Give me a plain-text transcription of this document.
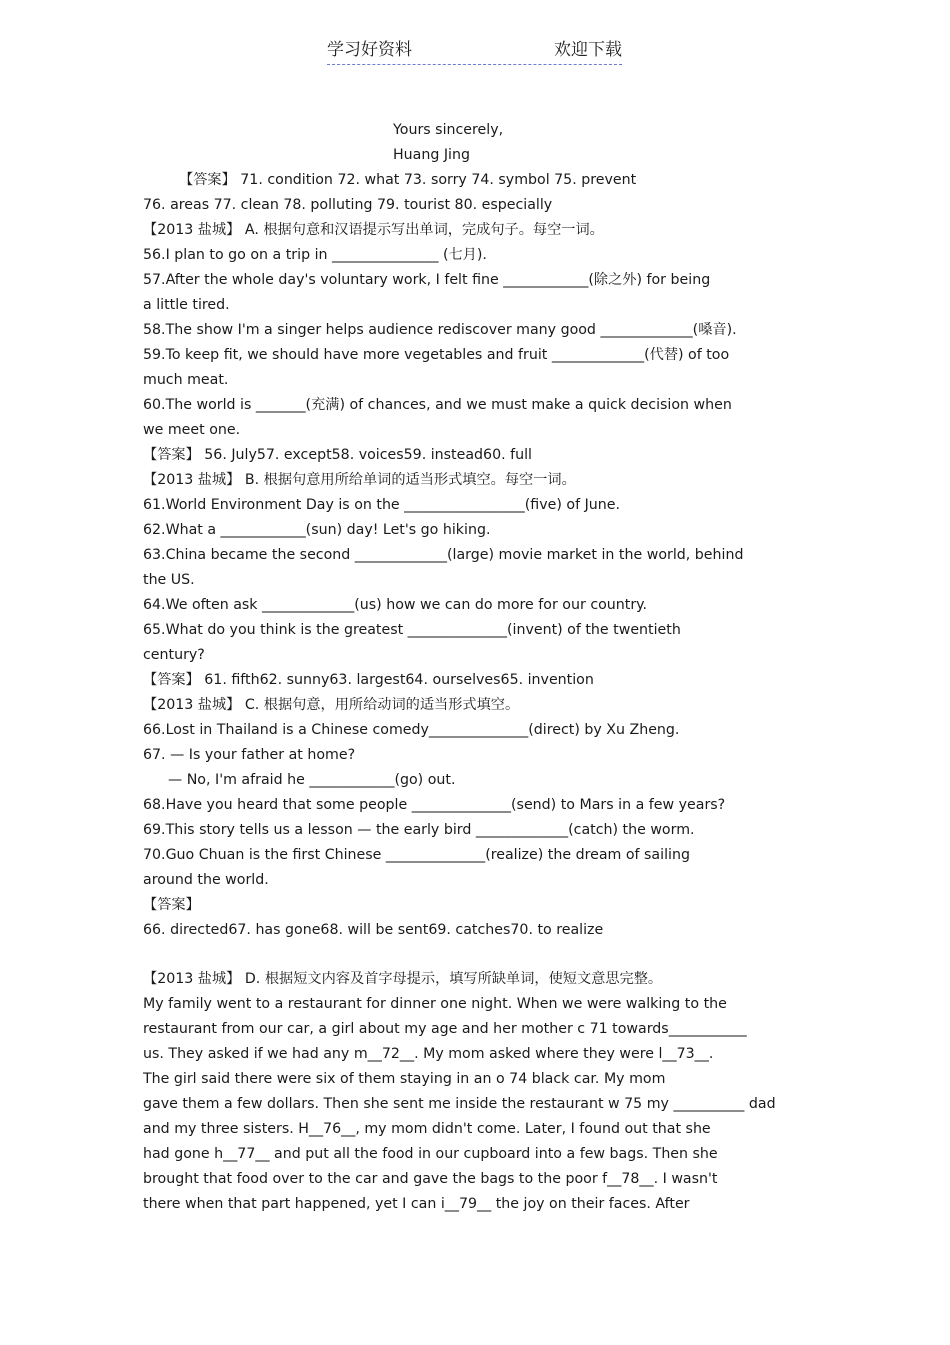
学习好资料	欢迎下载
Yours sincerely,
Huang Jing
【答案】 71. condition 72. what 73. sorry 74. symbol 75. prevent
76. areas 77. clean 78. polluting 79. tourist 80. especially
【2013 盐城】 A. 根据句意和汉语提示写出单词，完成句子。每空一词。
56.I plan to go on a trip in _______________ (七月).
57.After the whole day's voluntary work, I felt fine ____________(除之外) for being
a little tired.
58.The show I'm a singer helps audience rediscover many good _____________(嗓音).
59.To keep fit, we should have more vegetables and fruit _____________(代替) of too
much meat.
60.The world is _______(充满) of chances, and we must make a quick decision when
we meet one.
【答案】 56. July57. except58. voices59. instead60. full
【2013 盐城】 B. 根据句意用所给单词的适当形式填空。每空一词。
61.World Environment Day is on the _________________(five) of June.
62.What a ____________(sun) day! Let's go hiking.
63.China became the second _____________(large) movie market in the world, behind
the US.
64.We often ask _____________(us) how we can do more for our country.
65.What do you think is the greatest ______________(invent) of the twentieth
century?
【答案】 61. fifth62. sunny63. largest64. ourselves65. invention
【2013 盐城】 C. 根据句意，用所给动词的适当形式填空。
66.Lost in Thailand is a Chinese comedy______________(direct) by Xu Zheng.
67. — Is your father at home?
— No, I'm afraid he ____________(go) out.
68.Have you heard that some people ______________(send) to Mars in a few years?
69.This story tells us a lesson — the early bird _____________(catch) the worm.
70.Guo Chuan is the first Chinese ______________(realize) the dream of sailing
around the world.
【答案】
66. directed67. has gone68. will be sent69. catches70. to realize
【2013 盐城】 D. 根据短文内容及首字母提示，填写所缺单词，使短文意思完整。
My family went to a restaurant for dinner one night. When we were walking to the
restaurant from our car, a girl about my age and her mother c 71 towards___________
us. They asked if we had any m__72__. My mom asked where they were l__73__.
The girl said there were six of them staying in an o 74 black car. My mom
gave them a few dollars. Then she sent me inside the restaurant w 75 my __________ dad
and my three sisters. H__76__, my mom didn't come. Later, I found out that she
had gone h__77__ and put all the food in our cupboard into a few bags. Then she
brought that food over to the car and gave the bags to the poor f__78__. I wasn't
there when that part happened, yet I can i__79__ the joy on their faces. After
